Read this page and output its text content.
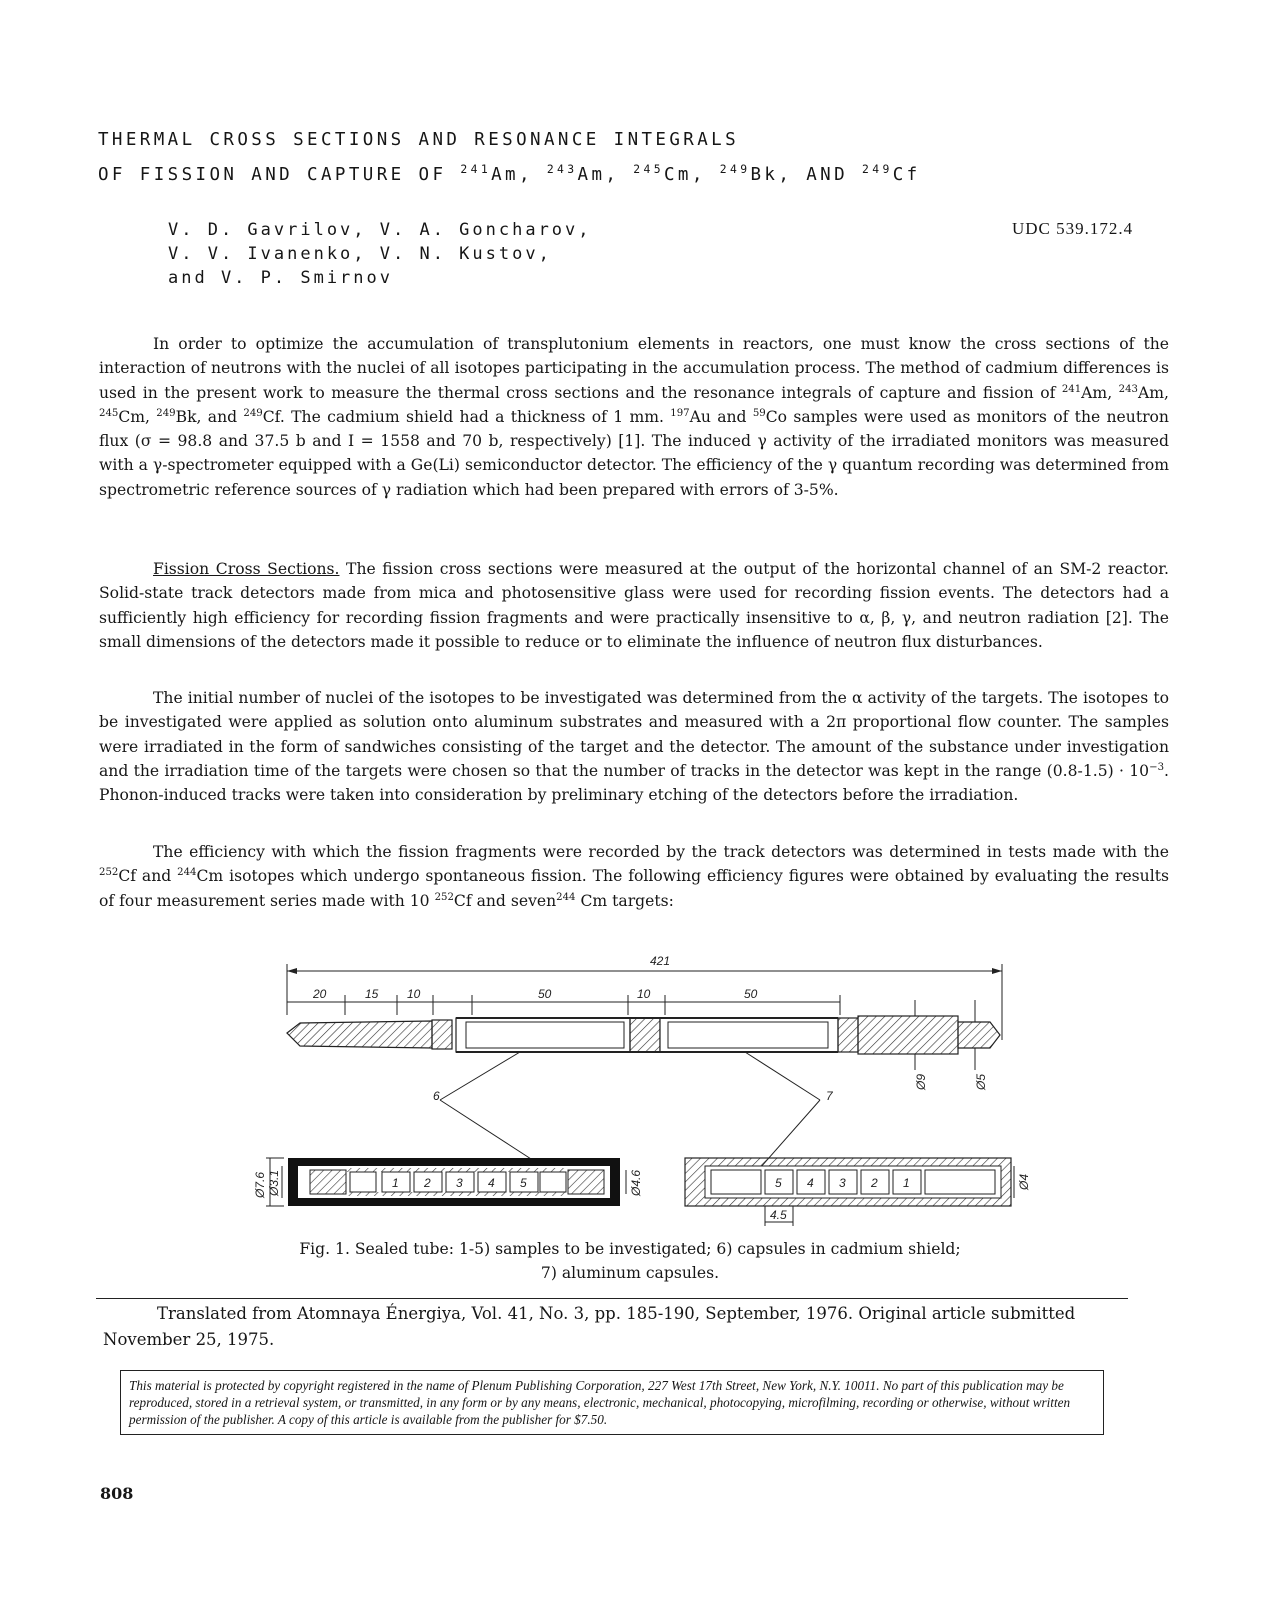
THERMAL CROSS SECTIONS AND RESONANCE INTEGRALS
OF FISSION AND CAPTURE OF $^{241}$Am, $^{243}$Am, $^{245}$Cm, $^{249}$Bk, AND $^{249}$Cf
V. D. Gavrilov, V. A. Goncharov,
V. V. Ivanenko, V. N. Kustov,
and V. P. Smirnov
UDC 539.172.4

In order to optimize the accumulation of transplutonium elements in reactors, one must know the cross sections of the interaction of neutrons with the nuclei of all isotopes participating in the accumulation process. The method of cadmium differences is used in the present work to measure the thermal cross sections and the resonance integrals of capture and fission of $^{241}$Am, $^{243}$Am, $^{245}$Cm, $^{249}$Bk, and $^{249}$Cf. The cadmium shield had a thickness of 1 mm. $^{197}$Au and $^{59}$Co samples were used as monitors of the neutron flux (σ = 98.8 and 37.5 b and I = 1558 and 70 b, respectively) [1]. The induced γ activity of the irradiated monitors was measured with a γ-spectrometer equipped with a Ge(Li) semiconductor detector. The efficiency of the γ quantum recording was determined from spectrometric reference sources of γ radiation which had been prepared with errors of 3-5%.

Fission Cross Sections. The fission cross sections were measured at the output of the horizontal channel of an SM-2 reactor. Solid-state track detectors made from mica and photosensitive glass were used for recording fission events. The detectors had a sufficiently high efficiency for recording fission fragments and were practically insensitive to α, β, γ, and neutron radiation [2]. The small dimensions of the detectors made it possible to reduce or to eliminate the influence of neutron flux disturbances.

The initial number of nuclei of the isotopes to be investigated was determined from the α activity of the targets. The isotopes to be investigated were applied as solution onto aluminum substrates and measured with a 2π proportional flow counter. The samples were irradiated in the form of sandwiches consisting of the target and the detector. The amount of the substance under investigation and the irradiation time of the targets were chosen so that the number of tracks in the detector was kept in the range $(0.8-1.5) \cdot 10^{-3}$. Phonon-induced tracks were taken into consideration by preliminary etching of the detectors before the irradiation.

The efficiency with which the fission fragments were recorded by the track detectors was determined in tests made with the $^{252}$Cf and $^{244}$Cm isotopes which undergo spontaneous fission. The following efficiency figures were obtained by evaluating the results of four measurement series made with 10 $^{252}$Cf and seven$^{244}$ Cm targets:

421
20	15 10	50	10	50
Ø9	Ø5
6	7
1 2 3 4 5
Ø7.6 Ø3.1	Ø4.6	5 4 3 2 1	Ø4
4.5
Fig. 1. Sealed tube: 1-5) samples to be investigated; 6) capsules in cadmium shield;
7) aluminum capsules.
Translated from Atomnaya Énergiya, Vol. 41, No. 3, pp. 185-190, September, 1976. Original article submitted November 25, 1975.

This material is protected by copyright registered in the name of Plenum Publishing Corporation, 227 West 17th Street, New York, N.Y. 10011. No part of this publication may be reproduced, stored in a retrieval system, or transmitted, in any form or by any means, electronic, mechanical, photocopying, microfilming, recording or otherwise, without written permission of the publisher. A copy of this article is available from the publisher for $7.50.

808
